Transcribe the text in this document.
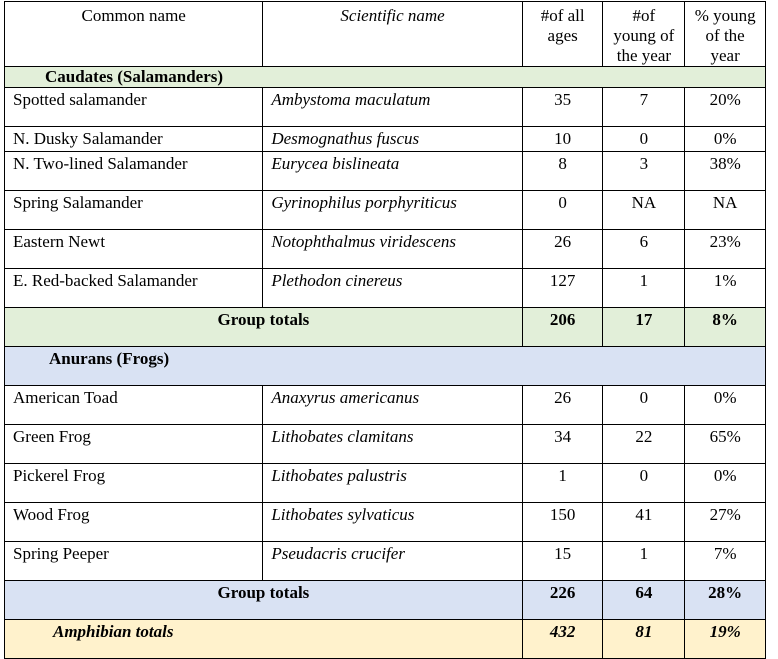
Common name	Scientific name	#of all ages	#of young of the year	% young of the year
Caudates (Salamanders)				
Spotted salamander	Ambystoma maculatum	35	7	20%
N. Dusky Salamander	Desmognathus fuscus	10	0	0%
N. Two-lined Salamander	Eurycea bislineata	8	3	38%
Spring Salamander	Gyrinophilus porphyriticus	0	NA	NA
Eastern Newt	Notophthalmus viridescens	26	6	23%
E. Red-backed Salamander	Plethodon cinereus	127	1	1%
Group totals		206	17	8%
Anurans (Frogs)				
American Toad	Anaxyrus americanus	26	0	0%
Green Frog	Lithobates clamitans	34	22	65%
Pickerel Frog	Lithobates palustris	1	0	0%
Wood Frog	Lithobates sylvaticus	150	41	27%
Spring Peeper	Pseudacris crucifer	15	1	7%
Group totals		226	64	28%
Amphibian totals		432	81	19%
